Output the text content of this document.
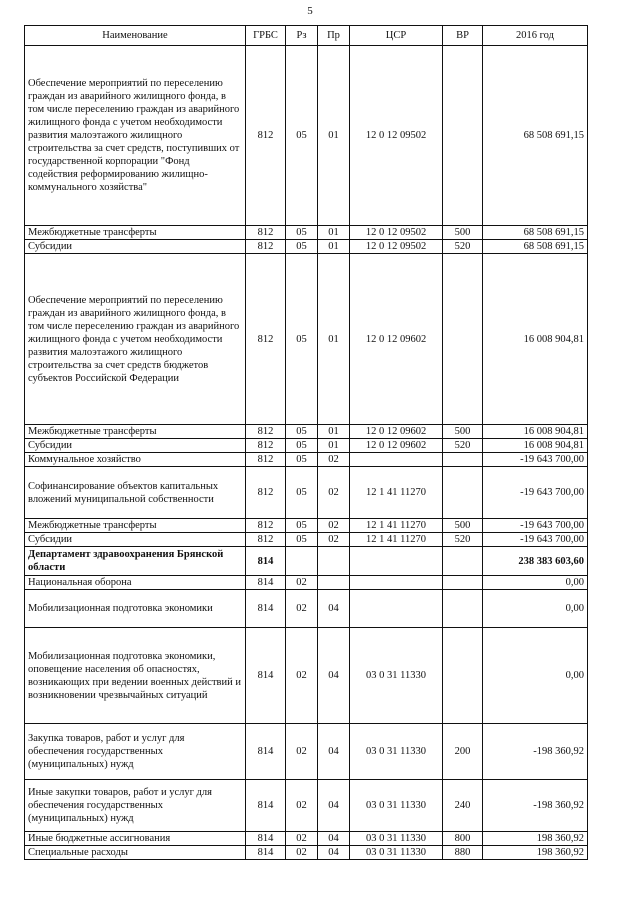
5
Наименование	ГРБС	Рз	Пр	ЦСР	ВР	2016 год
Обеспечение мероприятий по переселению граждан из аварийного жилищного фонда, в том числе переселению граждан из аварийного жилищного фонда с учетом необходимости развития малоэтажого жилищного строительства за счет средств, поступивших от государственной корпорации "Фонд содействия реформированию жилищно-коммунального хозяйства"	812	05	01	12 0 12 09502		68 508 691,15
Межбюджетные трансферты	812	05	01	12 0 12 09502	500	68 508 691,15
Субсидии	812	05	01	12 0 12 09502	520	68 508 691,15
Обеспечение мероприятий по переселению граждан из аварийного жилищного фонда, в том числе переселению граждан из аварийного жилищного фонда с учетом необходимости развития малоэтажого жилищного строительства за счет средств бюджетов субъектов Российской Федерации	812	05	01	12 0 12 09602		16 008 904,81
Межбюджетные трансферты	812	05	01	12 0 12 09602	500	16 008 904,81
Субсидии	812	05	01	12 0 12 09602	520	16 008 904,81
Коммунальное хозяйство	812	05	02			-19 643 700,00
Софинансирование объектов капитальных вложений муниципальной собственности	812	05	02	12 1 41 11270		-19 643 700,00
Межбюджетные трансферты	812	05	02	12 1 41 11270	500	-19 643 700,00
Субсидии	812	05	02	12 1 41 11270	520	-19 643 700,00
Департамент здравоохранения Брянской области	814					238 383 603,60
Национальная оборона	814	02				0,00
Мобилизационная подготовка экономики	814	02	04			0,00
Мобилизационная подготовка экономики, оповещение населения об опасностях, возникающих при ведении военных действий и возникновении чрезвычайных ситуаций	814	02	04	03 0 31 11330		0,00
Закупка товаров, работ и услуг для обеспечения государственных (муниципальных) нужд	814	02	04	03 0 31 11330	200	-198 360,92
Иные закупки товаров, работ и услуг для обеспечения государственных (муниципальных) нужд	814	02	04	03 0 31 11330	240	-198 360,92
Иные бюджетные ассигнования	814	02	04	03 0 31 11330	800	198 360,92
Специальные расходы	814	02	04	03 0 31 11330	880	198 360,92
